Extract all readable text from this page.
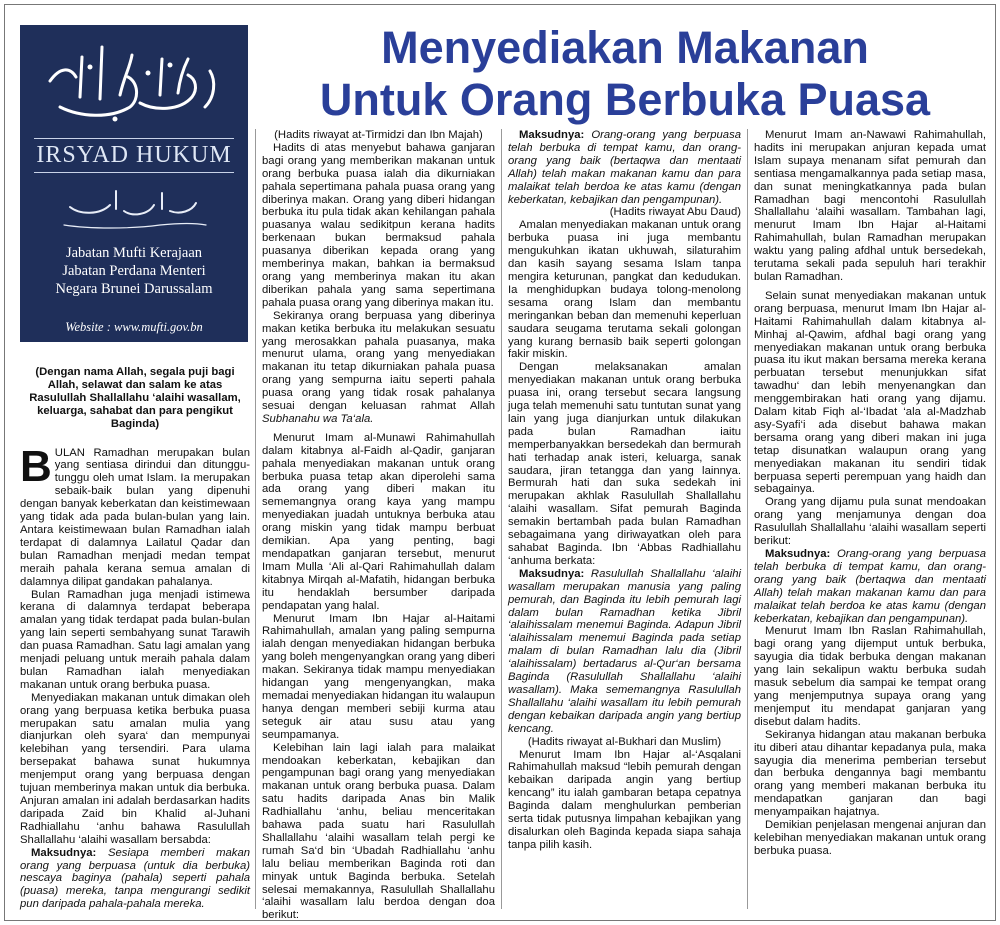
IRSYAD HUKUM
Jabatan Mufti Kerajaan
Jabatan Perdana Menteri
Negara Brunei Darussalam
Website : www.mufti.gov.bn
E-mail : fatwa@mufti.gov.bn - info@mufti.gov.bn
Menyediakan Makanan
Untuk Orang Berbuka Puasa

(Dengan nama Allah, segala puji bagi Allah, selawat dan salam ke atas Rasulullah Shallallahu ‘alaihi wasallam, keluarga, sahabat dan para pengikut Baginda)

BULAN Ramadhan merupakan bulan yang sentiasa dirindui dan ditunggu-tunggu oleh umat Islam. Ia merupakan sebaik-baik bulan yang dipenuhi dengan banyak keberkatan dan keistimewaan yang tidak ada pada bulan-bulan yang lain. Antara keistimewaan bulan Ramadhan ialah terdapat di dalamnya Lailatul Qadar dan bulan Ramadhan menjadi medan tempat meraih pahala kerana semua amalan di dalamnya dilipat gandakan pahalanya.

Bulan Ramadhan juga menjadi istimewa kerana di dalamnya terdapat beberapa amalan yang tidak terdapat pada bulan-bulan yang lain seperti sembahyang sunat Tarawih dan puasa Ramadhan. Satu lagi amalan yang menjadi peluang untuk meraih pahala dalam bulan Ramadhan ialah menyediakan makanan untuk orang berbuka puasa.

Menyediakan makanan untuk dimakan oleh orang yang berpuasa ketika berbuka puasa merupakan satu amalan mulia yang dianjurkan oleh syara‘ dan mempunyai kelebihan yang tersendiri. Para ulama bersepakat bahawa sunat hukumnya menjemput orang yang berpuasa dengan tujuan memberinya makan untuk dia berbuka. Anjuran amalan ini adalah berdasarkan hadits daripada Zaid bin Khalid al-Juhani Radhiallahu ‘anhu bahawa Rasulullah Shallallahu ‘alaihi wasallam bersabda:

Maksudnya: Sesiapa memberi makan orang yang berpuasa (untuk dia berbuka) nescaya baginya (pahala) seperti pahala (puasa) mereka, tanpa mengurangi sedikit pun daripada pahala-pahala mereka.

(Hadits riwayat at-Tirmidzi dan Ibn Majah)

Hadits di atas menyebut bahawa ganjaran bagi orang yang memberikan makanan untuk orang berbuka puasa ialah dia dikurniakan pahala sepertimana pahala puasa orang yang diberinya makan. Orang yang diberi hidangan berbuka itu pula tidak akan kehilangan pahala puasanya walau sedikitpun kerana hadits berkenaan bukan bermaksud pahala puasanya diberikan kepada orang yang memberinya makan, bahkan ia bermaksud orang yang memberinya makan itu akan diberikan pahala yang sama sepertimana pahala puasa orang yang diberinya makan itu.

Sekiranya orang berpuasa yang diberinya makan ketika berbuka itu melakukan sesuatu yang merosakkan pahala puasanya, maka menurut ulama, orang yang menyediakan makanan itu tetap dikurniakan pahala puasa orang yang sempurna iaitu seperti pahala puasa orang yang tidak rosak pahalanya sesuai dengan keluasan rahmat Allah Subhanahu wa Ta‘ala.

Menurut Imam al-Munawi Rahimahullah dalam kitabnya al-Faidh al-Qadir, ganjaran pahala menyediakan makanan untuk orang berbuka puasa tetap akan diperolehi sama ada orang yang diberi makan itu sememangnya orang kaya yang mampu menyediakan juadah untuknya berbuka atau orang miskin yang tidak mampu berbuat demikian. Apa yang penting, bagi mendapatkan ganjaran tersebut, menurut Imam Mulla ‘Ali al-Qari Rahimahullah dalam kitabnya Mirqah al-Mafatih, hidangan berbuka itu hendaklah bersumber daripada pendapatan yang halal.

Menurut Imam Ibn Hajar al-Haitami Rahimahullah, amalan yang paling sempurna ialah dengan menyediakan hidangan berbuka yang boleh mengenyangkan orang yang diberi makan. Sekiranya tidak mampu menyediakan hidangan yang mengenyangkan, maka memadai menyediakan hidangan itu walaupun hanya dengan memberi sebiji kurma atau seteguk air atau susu atau yang seumpamanya.

Kelebihan lain lagi ialah para malaikat mendoakan keberkatan, kebajikan dan pengampunan bagi orang yang menyediakan makanan untuk orang berbuka puasa. Dalam satu hadits daripada Anas bin Malik Radhiallahu ‘anhu, beliau menceritakan bahawa pada suatu hari Rasulullah Shallallahu ‘alaihi wasallam telah pergi ke rumah Sa‘d bin ‘Ubadah Radhiallahu ‘anhu lalu beliau memberikan Baginda roti dan minyak untuk Baginda berbuka. Setelah selesai memakannya, Rasulullah Shallallahu ‘alaihi wasallam lalu berdoa dengan doa berikut:

Maksudnya: Orang-orang yang berpuasa telah berbuka di tempat kamu, dan orang-orang yang baik (bertaqwa dan mentaati Allah) telah makan makanan kamu dan para malaikat telah berdoa ke atas kamu (dengan keberkatan, kebajikan dan pengampunan).

(Hadits riwayat Abu Daud)

Amalan menyediakan makanan untuk orang berbuka puasa ini juga membantu mengukuhkan ikatan ukhuwah, silaturahim dan kasih sayang sesama Islam tanpa mengira keturunan, pangkat dan kedudukan. Ia menghidupkan budaya tolong-menolong sesama orang Islam dan membantu meringankan beban dan memenuhi keperluan saudara seugama terutama sekali golongan yang kurang bernasib baik seperti golongan fakir miskin.

Dengan melaksanakan amalan menyediakan makanan untuk orang berbuka puasa ini, orang tersebut secara langsung juga telah memenuhi satu tuntutan sunat yang lain yang juga dianjurkan untuk dilakukan pada bulan Ramadhan iaitu memperbanyakkan bersedekah dan bermurah hati terhadap anak isteri, keluarga, sanak saudara, jiran tetangga dan yang lainnya. Bermurah hati dan suka sedekah ini merupakan akhlak Rasulullah Shallallahu ‘alaihi wasallam. Sifat pemurah Baginda semakin bertambah pada bulan Ramadhan sebagaimana yang diriwayatkan oleh para sahabat Baginda. Ibn ‘Abbas Radhiallahu ‘anhuma berkata:

Maksudnya: Rasulullah Shallallahu ‘alaihi wasallam merupakan manusia yang paling pemurah, dan Baginda itu lebih pemurah lagi dalam bulan Ramadhan ketika Jibril ‘alaihissalam menemui Baginda. Adapun Jibril ‘alaihissalam menemui Baginda pada setiap malam di bulan Ramadhan lalu dia (Jibril ‘alaihissalam) bertadarus al-Qur‘an bersama Baginda (Rasulullah Shallallahu ‘alaihi wasallam). Maka sememangnya Rasulullah Shallallahu ‘alaihi wasallam itu lebih pemurah dengan kebaikan daripada angin yang bertiup kencang.

(Hadits riwayat al-Bukhari dan Muslim)

Menurut Imam Ibn Hajar al-‘Asqalani Rahimahullah maksud “lebih pemurah dengan kebaikan daripada angin yang bertiup kencang” itu ialah gambaran betapa cepatnya Baginda dalam menghulurkan pemberian serta tidak putusnya limpahan kebajikan yang disalurkan oleh Baginda kepada siapa sahaja tanpa pilih kasih.

Menurut Imam an-Nawawi Rahimahullah, hadits ini merupakan anjuran kepada umat Islam supaya menanam sifat pemurah dan sentiasa mengamalkannya pada setiap masa, dan sunat meningkatkannya pada bulan Ramadhan bagi mencontohi Rasulullah Shallallahu ‘alaihi wasallam. Tambahan lagi, menurut Imam Ibn Hajar al-Haitami Rahimahullah, bulan Ramadhan merupakan waktu yang paling afdhal untuk bersedekah, terutama sekali pada sepuluh hari terakhir bulan Ramadhan.

Selain sunat menyediakan makanan untuk orang berpuasa, menurut Imam Ibn Hajar al-Haitami Rahimahullah dalam kitabnya al-Minhaj al-Qawim, afdhal bagi orang yang menyediakan makanan untuk orang berbuka puasa itu ikut makan bersama mereka kerana perbuatan tersebut menunjukkan sifat tawadhu‘ dan lebih menyenangkan dan menggembirakan hati orang yang dijamu. Dalam kitab Fiqh al-‘Ibadat ‘ala al-Madzhab asy-Syafi‘i ada disebut bahawa makan bersama orang yang diberi makan ini juga tetap disunatkan walaupun orang yang menyediakan makanan itu sendiri tidak berpuasa seperti perempuan yang haidh dan sebagainya.

Orang yang dijamu pula sunat mendoakan orang yang menjamunya dengan doa Rasulullah Shallallahu ‘alaihi wasallam seperti berikut:

Maksudnya: Orang-orang yang berpuasa telah berbuka di tempat kamu, dan orang-orang yang baik (bertaqwa dan mentaati Allah) telah makan makanan kamu dan para malaikat telah berdoa ke atas kamu (dengan keberkatan, kebajikan dan pengampunan).

Menurut Imam Ibn Raslan Rahimahullah, bagi orang yang dijemput untuk berbuka, sayugia dia tidak berbuka dengan makanan yang lain sekalipun waktu berbuka sudah masuk sebelum dia sampai ke tempat orang yang menjemputnya supaya orang yang menjemput itu mendapat ganjaran yang disebut dalam hadits.

Sekiranya hidangan atau makanan berbuka itu diberi atau dihantar kepadanya pula, maka sayugia dia menerima pemberian tersebut dan berbuka dengannya bagi membantu orang yang memberi makanan berbuka itu mendapatkan ganjaran dan bagi menyampaikan hajatnya.

Demikian penjelasan mengenai anjuran dan kelebihan menyediakan makanan untuk orang berbuka puasa.
